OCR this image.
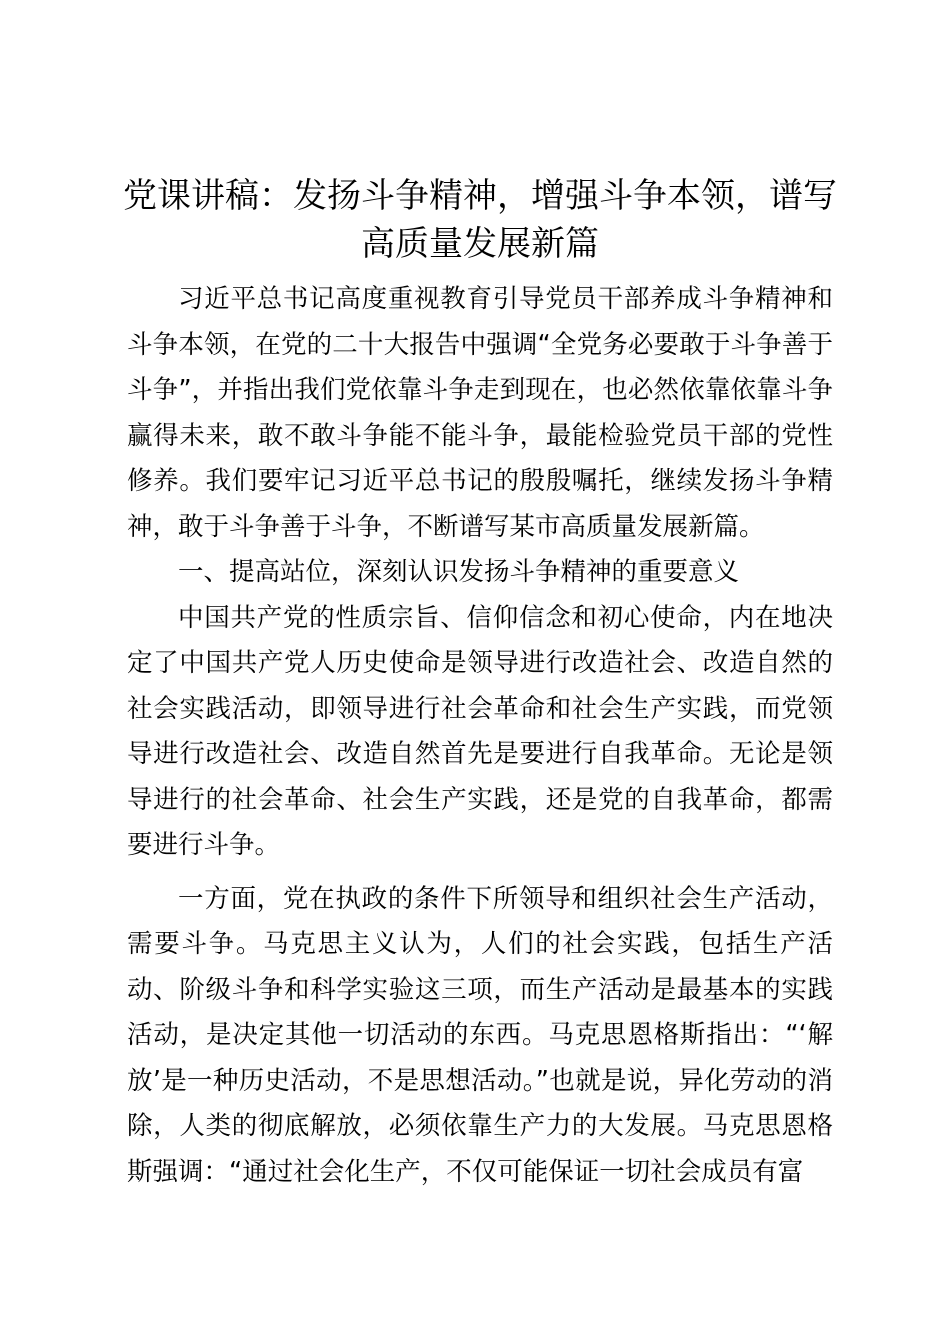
党课讲稿：发扬斗争精神，增强斗争本领，谱写高质量发展新篇

习近平总书记高度重视教育引导党员干部养成斗争精神和斗争本领，在党的二十大报告中强调“全党务必要敢于斗争善于斗争”，并指出我们党依靠斗争走到现在，也必然依靠依靠斗争赢得未来，敢不敢斗争能不能斗争，最能检验党员干部的党性修养。我们要牢记习近平总书记的殷殷嘱托，继续发扬斗争精神，敢于斗争善于斗争，不断谱写某市高质量发展新篇。

一、提高站位，深刻认识发扬斗争精神的重要意义

中国共产党的性质宗旨、信仰信念和初心使命，内在地决定了中国共产党人历史使命是领导进行改造社会、改造自然的社会实践活动，即领导进行社会革命和社会生产实践，而党领导进行改造社会、改造自然首先是要进行自我革命。无论是领导进行的社会革命、社会生产实践，还是党的自我革命，都需要进行斗争。

一方面，党在执政的条件下所领导和组织社会生产活动，需要斗争。马克思主义认为，人们的社会实践，包括生产活动、阶级斗争和科学实验这三项，而生产活动是最基本的实践活动，是决定其他一切活动的东西。马克思恩格斯指出：“‘解放’是一种历史活动，不是思想活动。”也就是说，异化劳动的消除，人类的彻底解放，必须依靠生产力的大发展。马克思恩格斯强调：“通过社会化生产，不仅可能保证一切社会成员有富
